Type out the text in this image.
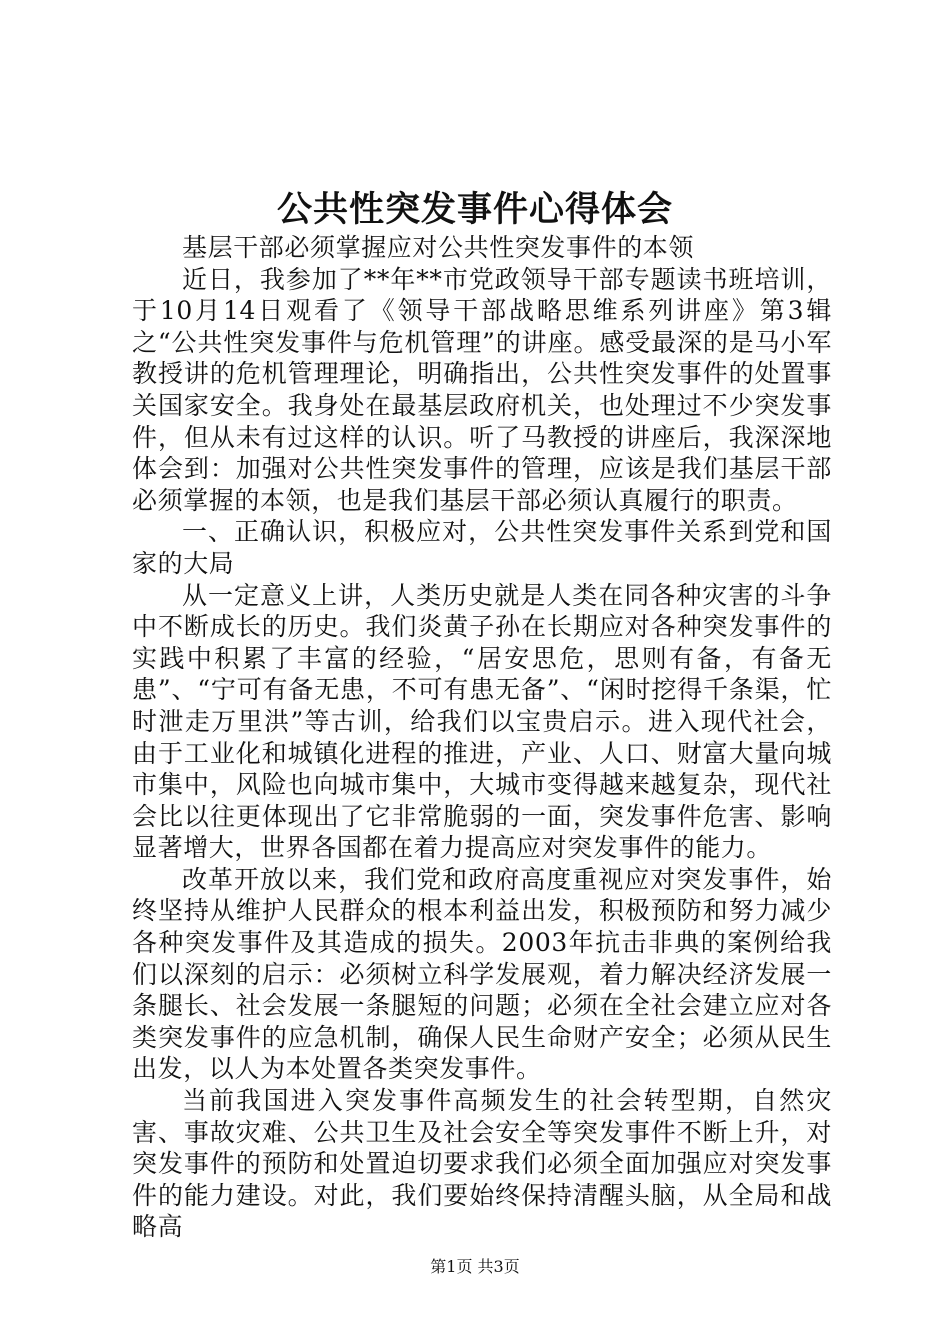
公共性突发事件心得体会

基层干部必须掌握应对公共性突发事件的本领

近日，我参加了**年**市党政领导干部专题读书班培训，于10月14日观看了《领导干部战略思维系列讲座》第3辑之“公共性突发事件与危机管理”的讲座。感受最深的是马小军教授讲的危机管理理论，明确指出，公共性突发事件的处置事关国家安全。我身处在最基层政府机关，也处理过不少突发事件，但从未有过这样的认识。听了马教授的讲座后，我深深地体会到：加强对公共性突发事件的管理，应该是我们基层干部必须掌握的本领，也是我们基层干部必须认真履行的职责。

一、正确认识，积极应对，公共性突发事件关系到党和国家的大局

从一定意义上讲，人类历史就是人类在同各种灾害的斗争中不断成长的历史。我们炎黄子孙在长期应对各种突发事件的实践中积累了丰富的经验，“居安思危，思则有备，有备无患”、“宁可有备无患，不可有患无备”、“闲时挖得千条渠，忙时泄走万里洪”等古训，给我们以宝贵启示。进入现代社会，由于工业化和城镇化进程的推进，产业、人口、财富大量向城市集中，风险也向城市集中，大城市变得越来越复杂，现代社会比以往更体现出了它非常脆弱的一面，突发事件危害、影响显著增大，世界各国都在着力提高应对突发事件的能力。

改革开放以来，我们党和政府高度重视应对突发事件，始终坚持从维护人民群众的根本利益出发，积极预防和努力减少各种突发事件及其造成的损失。2003年抗击非典的案例给我们以深刻的启示：必须树立科学发展观，着力解决经济发展一条腿长、社会发展一条腿短的问题；必须在全社会建立应对各类突发事件的应急机制，确保人民生命财产安全；必须从民生出发，以人为本处置各类突发事件。

当前我国进入突发事件高频发生的社会转型期，自然灾害、事故灾难、公共卫生及社会安全等突发事件不断上升，对突发事件的预防和处置迫切要求我们必须全面加强应对突发事件的能力建设。对此，我们要始终保持清醒头脑，从全局和战略高

第1页 共3页
